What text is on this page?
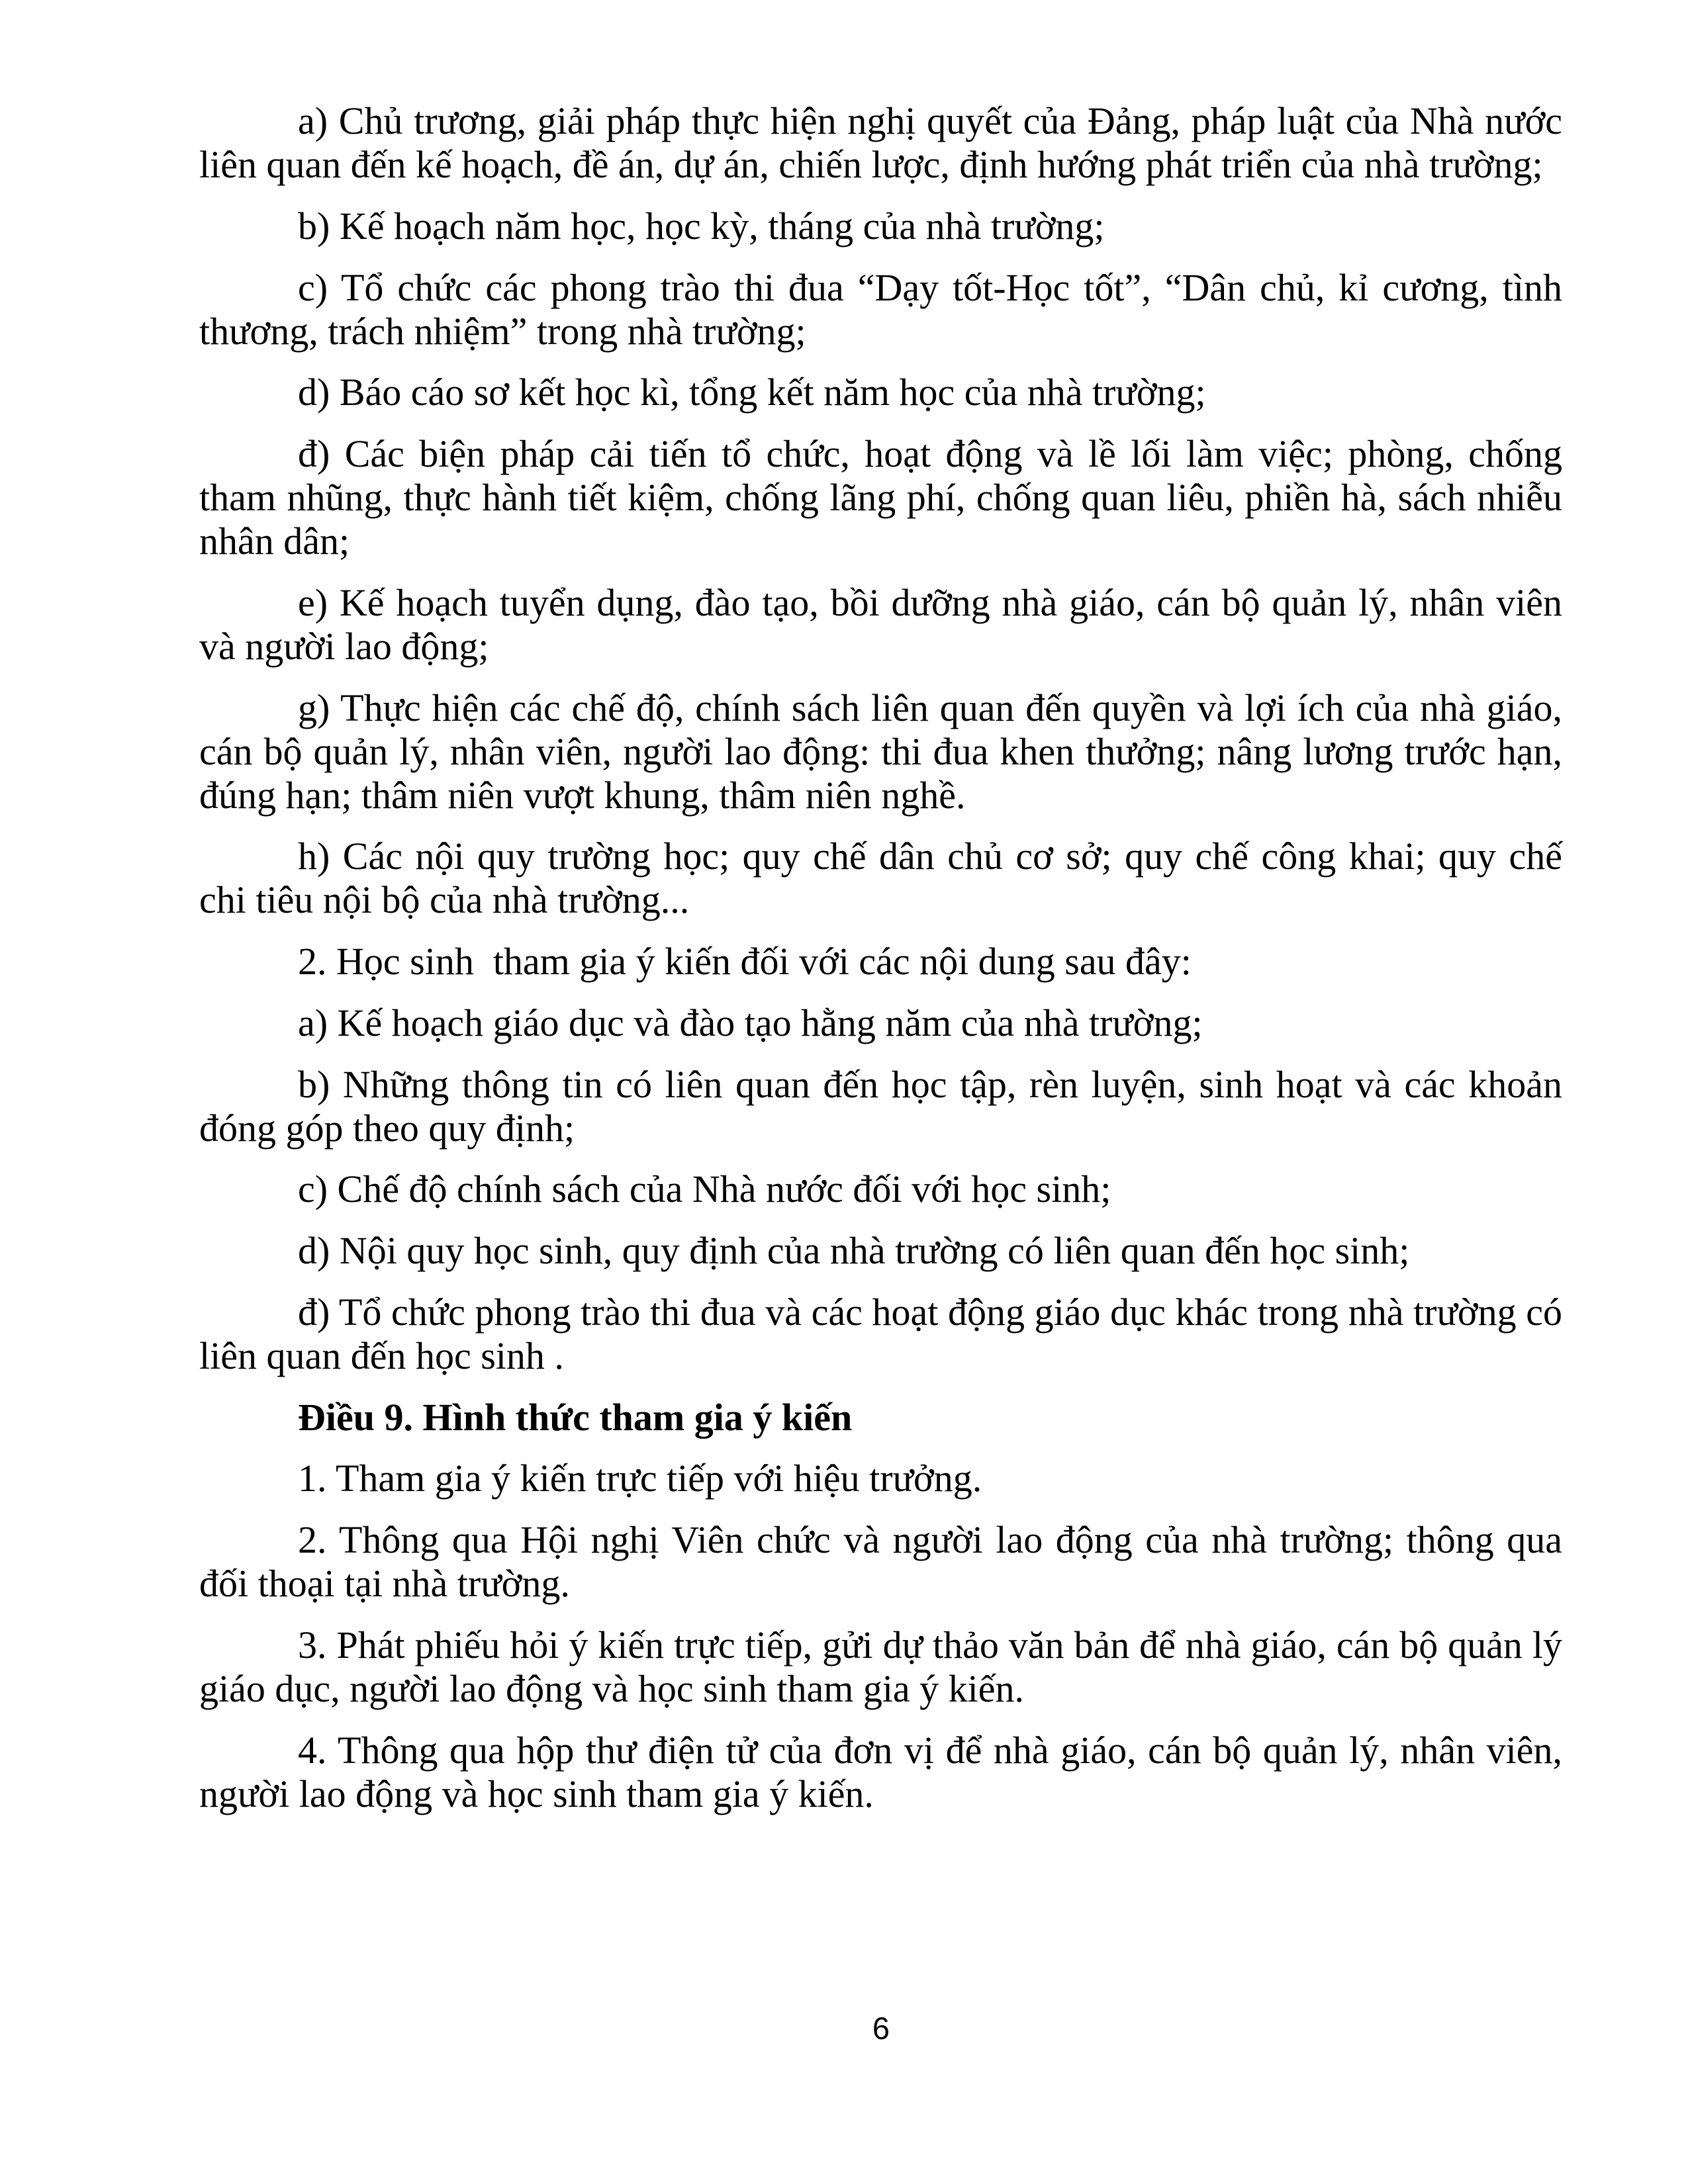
a) Chủ trương, giải pháp thực hiện nghị quyết của Đảng, pháp luật của Nhà nước liên quan đến kế hoạch, đề án, dự án, chiến lược, định hướng phát triển của nhà trường;

b) Kế hoạch năm học, học kỳ, tháng của nhà trường;

c) Tổ chức các phong trào thi đua “Dạy tốt-Học tốt”, “Dân chủ, kỉ cương, tình thương, trách nhiệm” trong nhà trường;

d) Báo cáo sơ kết học kì, tổng kết năm học của nhà trường;

đ) Các biện pháp cải tiến tổ chức, hoạt động và lề lối làm việc; phòng, chống tham nhũng, thực hành tiết kiệm, chống lãng phí, chống quan liêu, phiền hà, sách nhiễu nhân dân;

e) Kế hoạch tuyển dụng, đào tạo, bồi dưỡng nhà giáo, cán bộ quản lý, nhân viên và người lao động;

g) Thực hiện các chế độ, chính sách liên quan đến quyền và lợi ích của nhà giáo, cán bộ quản lý, nhân viên, người lao động: thi đua khen thưởng; nâng lương trước hạn, đúng hạn; thâm niên vượt khung, thâm niên nghề.

h) Các nội quy trường học; quy chế dân chủ cơ sở; quy chế công khai; quy chế chi tiêu nội bộ của nhà trường...

2. Học sinh  tham gia ý kiến đối với các nội dung sau đây:

a) Kế hoạch giáo dục và đào tạo hằng năm của nhà trường;

b) Những thông tin có liên quan đến học tập, rèn luyện, sinh hoạt và các khoản đóng góp theo quy định;

c) Chế độ chính sách của Nhà nước đối với học sinh;

d) Nội quy học sinh, quy định của nhà trường có liên quan đến học sinh;

đ) Tổ chức phong trào thi đua và các hoạt động giáo dục khác trong nhà trường có liên quan đến học sinh .

Điều 9. Hình thức tham gia ý kiến

1. Tham gia ý kiến trực tiếp với hiệu trưởng.

2. Thông qua Hội nghị Viên chức và người lao động của nhà trường; thông qua đối thoại tại nhà trường.

3. Phát phiếu hỏi ý kiến trực tiếp, gửi dự thảo văn bản để nhà giáo, cán bộ quản lý giáo dục, người lao động và học sinh tham gia ý kiến.

4. Thông qua hộp thư điện tử của đơn vị để nhà giáo, cán bộ quản lý, nhân viên, người lao động và học sinh tham gia ý kiến.

6
